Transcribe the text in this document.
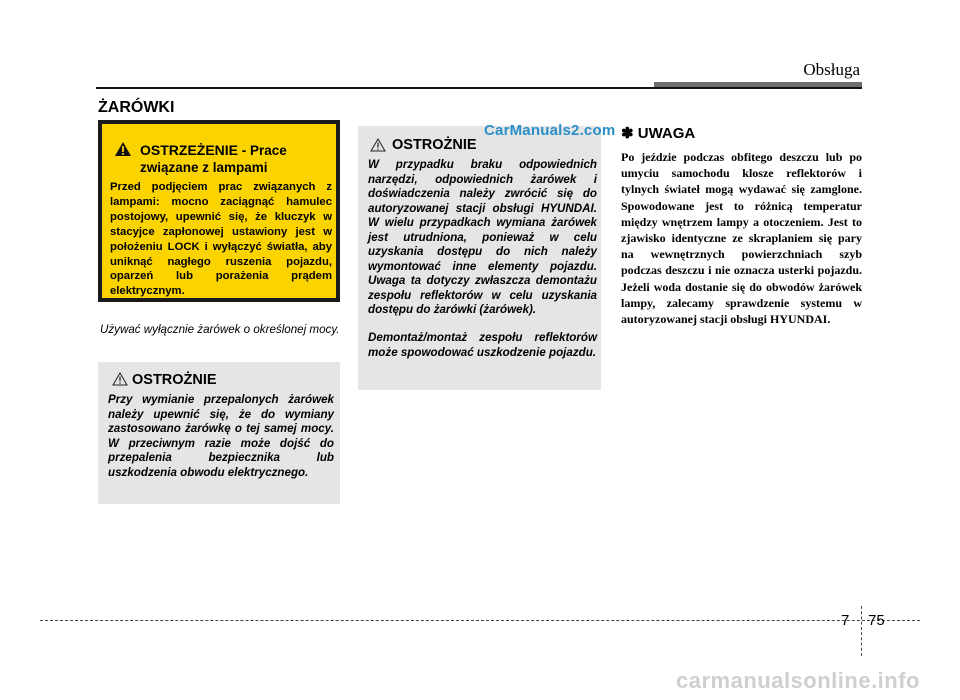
Obsługa
ŻARÓWKI
OSTRZEŻENIE - Prace związane z lampami
Przed podjęciem prac związanych z lampami: mocno zaciągnąć hamulec postojowy, upewnić się, że kluczyk w stacyjce zapłonowej ustawiony jest w położeniu LOCK i wyłączyć światła, aby uniknąć nagłego ruszenia pojazdu, oparzeń lub porażenia prądem elektrycznym.
Używać wyłącznie żarówek o określonej mocy.
OSTROŻNIE
Przy wymianie przepalonych żarówek należy upewnić się, że do wymiany zastosowano żarówkę o tej samej mocy. W przeciwnym razie może dojść do przepalenia bezpiecznika lub uszkodzenia obwodu elektrycznego.
OSTROŻNIE
W przypadku braku odpowiednich narzędzi, odpowiednich żarówek i doświadczenia należy zwrócić się do autoryzowanej stacji obsługi HYUNDAI. W wielu przypadkach wymiana żarówek jest utrudniona, ponieważ w celu uzyskania dostępu do nich należy wymontować inne elementy pojazdu. Uwaga ta dotyczy zwłaszcza demontażu zespołu reflektorów w celu uzyskania dostępu do żarówki (żarówek).
Demontaż/montaż zespołu reflektorów może spowodować uszkodzenie pojazdu.
CarManuals2.com ✽ UWAGA
Po jeździe podczas obfitego deszczu lub po umyciu samochodu klosze reflektorów i tylnych świateł mogą wydawać się zamglone. Spowodowane jest to różnicą temperatur między wnętrzem lampy a otoczeniem. Jest to zjawisko identyczne ze skraplaniem się pary na wewnętrznych powierzchniach szyb podczas deszczu i nie oznacza usterki pojazdu. Jeżeli woda dostanie się do obwodów żarówek lampy, zalecamy sprawdzenie systemu w autoryzowanej stacji obsługi HYUNDAI.
7 75
carmanualsonline.info
